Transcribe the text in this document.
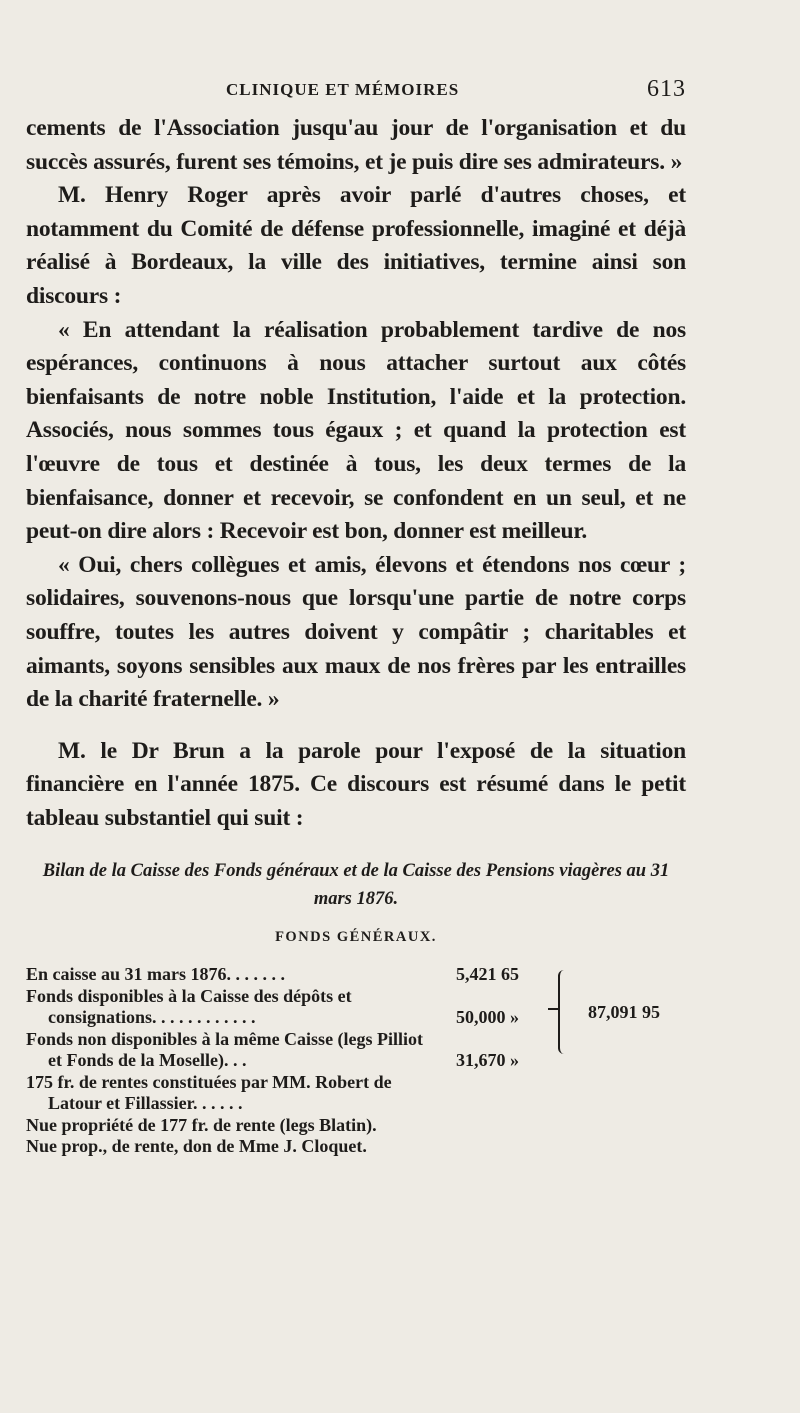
CLINIQUE ET MÉMOIRES	613

cements de l'Association jusqu'au jour de l'organisation et du succès assurés, furent ses témoins, et je puis dire ses admirateurs. »

M. Henry Roger après avoir parlé d'autres choses, et notamment du Comité de défense professionnelle, imaginé et déjà réalisé à Bordeaux, la ville des initiatives, termine ainsi son discours :

« En attendant la réalisation probablement tardive de nos espérances, continuons à nous attacher surtout aux côtés bienfaisants de notre noble Institution, l'aide et la protection. Associés, nous sommes tous égaux ; et quand la protection est l'œuvre de tous et destinée à tous, les deux termes de la bienfaisance, donner et recevoir, se confondent en un seul, et ne peut-on dire alors : Recevoir est bon, donner est meilleur.

« Oui, chers collègues et amis, élevons et étendons nos cœur ; solidaires, souvenons-nous que lorsqu'une partie de notre corps souffre, toutes les autres doivent y compâtir ; charitables et aimants, soyons sensibles aux maux de nos frères par les entrailles de la charité fraternelle. »

M. le Dr Brun a la parole pour l'exposé de la situation financière en l'année 1875. Ce discours est résumé dans le petit tableau substantiel qui suit :

Bilan de la Caisse des Fonds généraux et de la Caisse des Pensions viagères au 31 mars 1876.
FONDS GÉNÉRAUX.
En caisse au 31 mars 1876. . . . . . .	5,421 65
Fonds disponibles à la Caisse des dépôts et consignations. . . . . . . . . . . .	50,000 »
Fonds non disponibles à la même Caisse (legs Pilliot et Fonds de la Moselle). . .	31,670 »
175 fr. de rentes constituées par MM. Robert de Latour et Fillassier. . . . . .
Nue propriété de 177 fr. de rente (legs Blatin).
Nue prop., de rente, don de Mme J. Cloquet.
87,091 95
